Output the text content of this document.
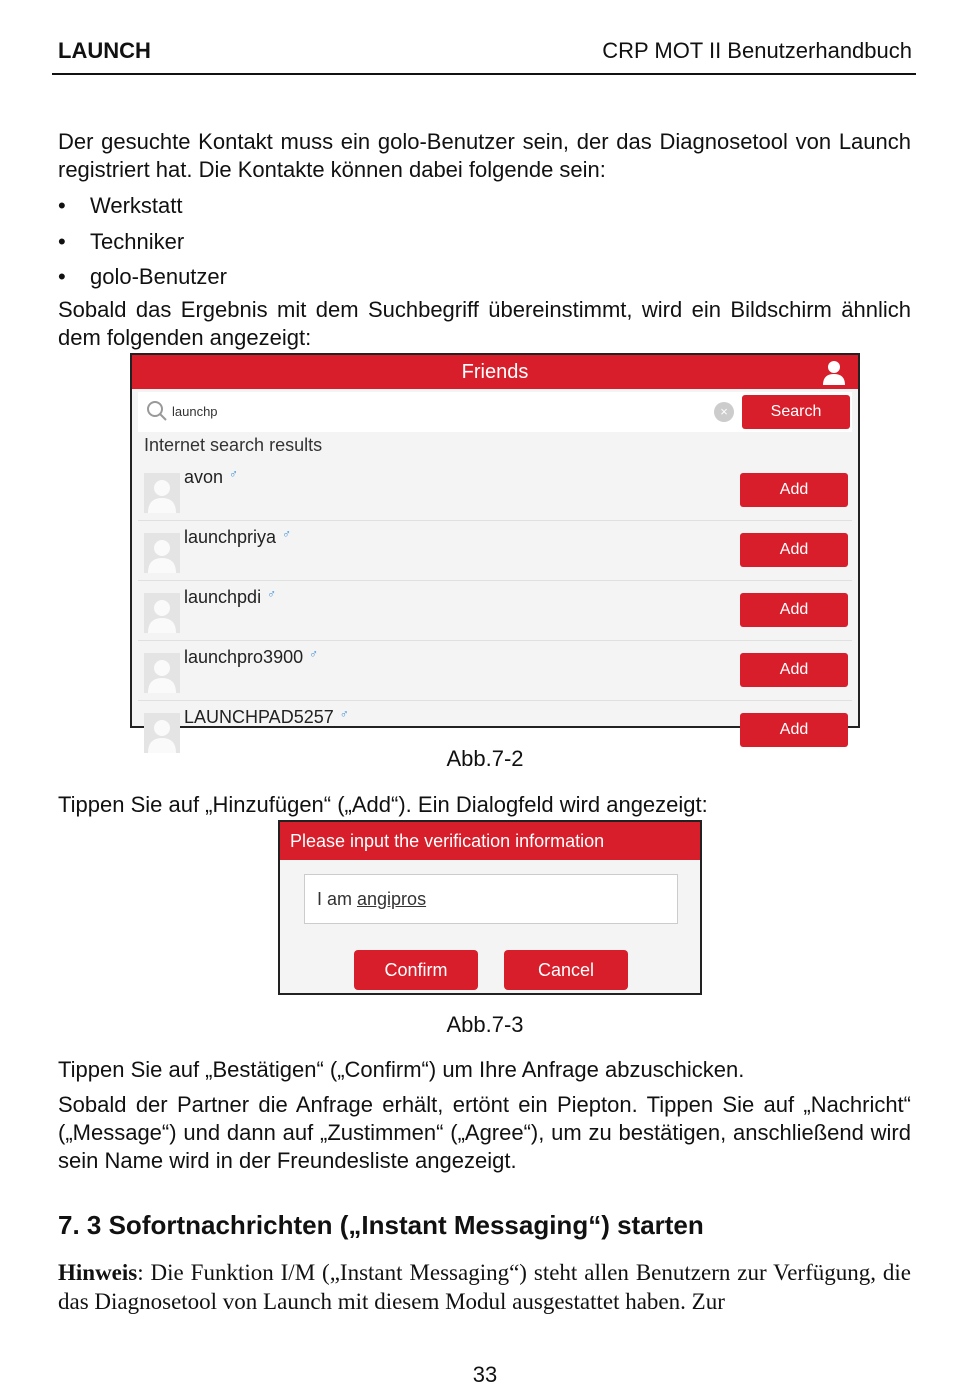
LAUNCH	CRP MOT II Benutzerhandbuch
Der gesuchte Kontakt muss ein golo-Benutzer sein, der das Diagnosetool von Launch registriert hat. Die Kontakte können dabei folgende sein:
• Werkstatt
• Techniker
• golo-Benutzer
Sobald das Ergebnis mit dem Suchbegriff übereinstimmt, wird ein Bildschirm ähnlich dem folgenden angezeigt:
Friends
launchp	×	Search
Internet search results
avon ♂
Add
launchpriya ♂
Add
launchpdi ♂
Add
launchpro3900 ♂
Add
LAUNCHPAD5257 ♂
Add
Abb.7-2
Tippen Sie auf „Hinzufügen“ („Add“). Ein Dialogfeld wird angezeigt:
Please input the verification information
I am angipros
Confirm	Cancel
Abb.7-3
Tippen Sie auf „Bestätigen“ („Confirm“) um Ihre Anfrage abzuschicken.
Sobald der Partner die Anfrage erhält, ertönt ein Piepton. Tippen Sie auf „Nachricht“ („Message“) und dann auf „Zustimmen“ („Agree“), um zu bestätigen, anschließend wird sein Name wird in der Freundesliste angezeigt.
7. 3 Sofortnachrichten („Instant Messaging“) starten
Hinweis: Die Funktion I/M („Instant Messaging“) steht allen Benutzern zur Verfügung, die das Diagnosetool von Launch mit diesem Modul ausgestattet haben. Zur
33
